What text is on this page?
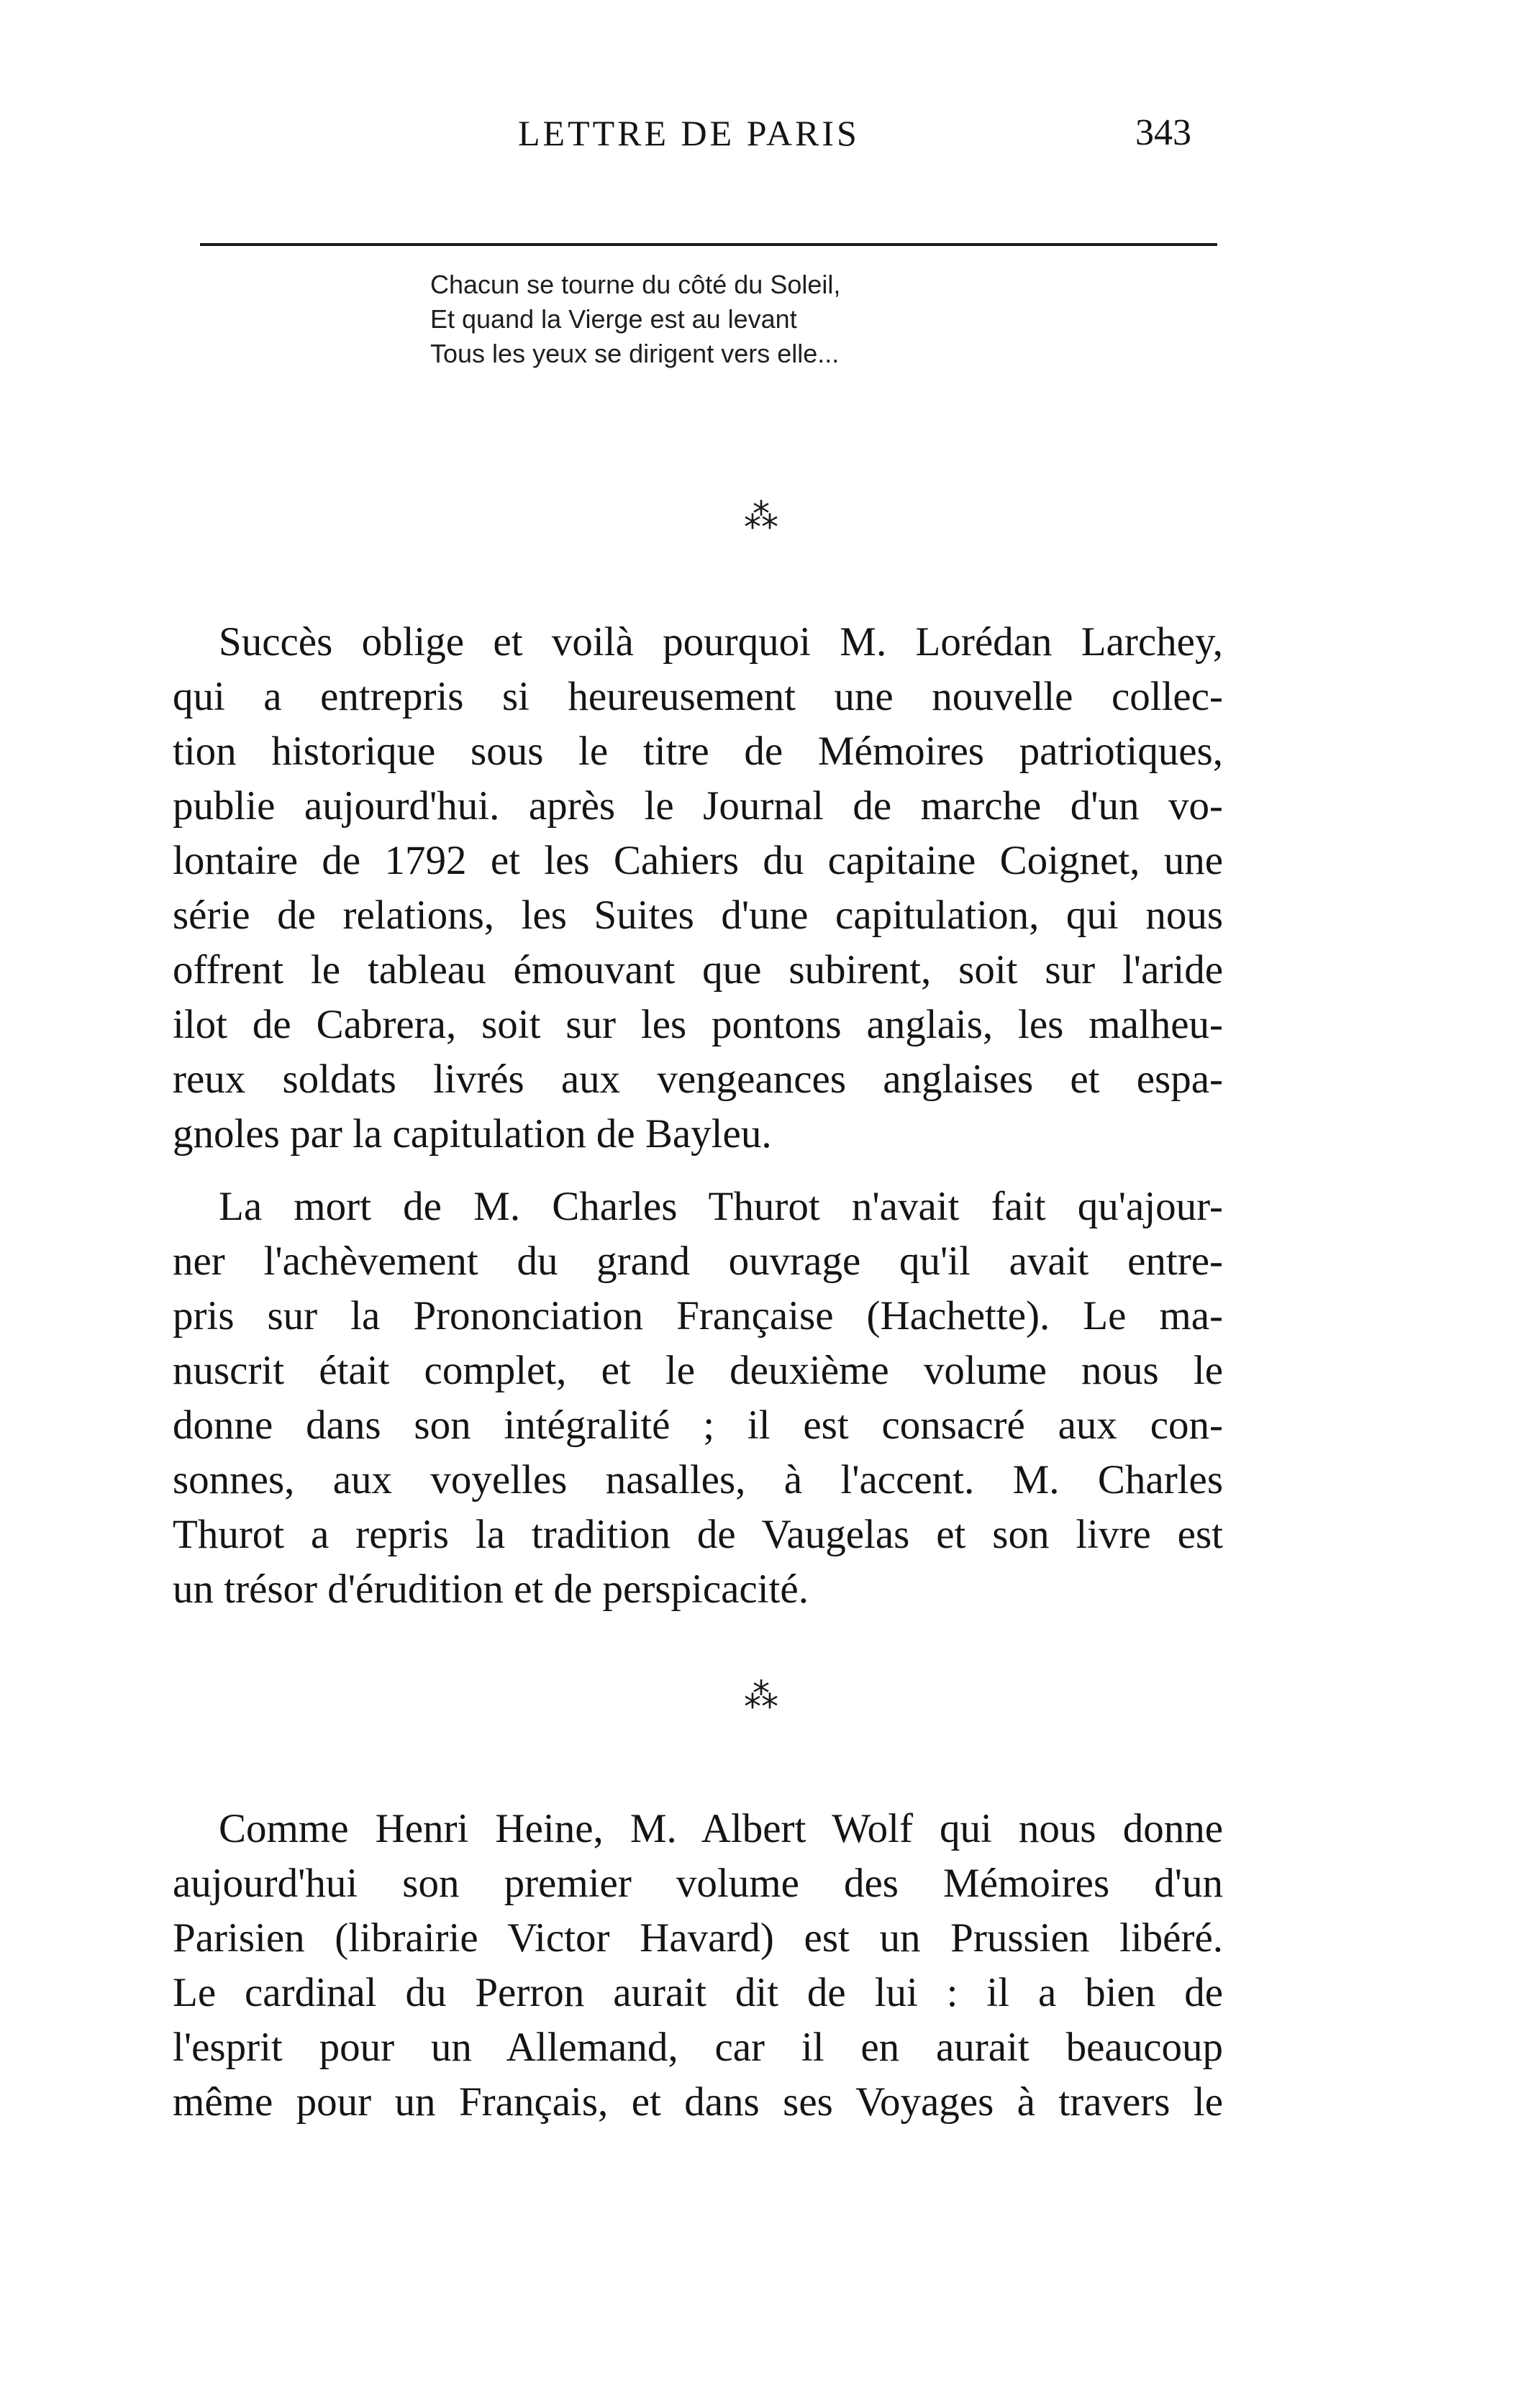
LETTRE DE PARIS	343
Chacun se tourne du côté du Soleil,
Et quand la Vierge est au levant
Tous les yeux se dirigent vers elle...
⁂
Succès oblige et voilà pourquoi M. Lorédan Larchey,
qui a entrepris si heureusement une nouvelle collec-
tion historique sous le titre de Mémoires patriotiques,
publie aujourd'hui. après le Journal de marche d'un vo-
lontaire de 1792 et les Cahiers du capitaine Coignet, une
série de relations, les Suites d'une capitulation, qui nous
offrent le tableau émouvant que subirent, soit sur l'aride
ilot de Cabrera, soit sur les pontons anglais, les malheu-
reux soldats livrés aux vengeances anglaises et espa-
gnoles par la capitulation de Bayleu.
La mort de M. Charles Thurot n'avait fait qu'ajour-
ner l'achèvement du grand ouvrage qu'il avait entre-
pris sur la Prononciation Française (Hachette). Le ma-
nuscrit était complet, et le deuxième volume nous le
donne dans son intégralité ; il est consacré aux con-
sonnes, aux voyelles nasalles, à l'accent. M. Charles
Thurot a repris la tradition de Vaugelas et son livre est
un trésor d'érudition et de perspicacité.
⁂
Comme Henri Heine, M. Albert Wolf qui nous donne
aujourd'hui son premier volume des Mémoires d'un
Parisien (librairie Victor Havard) est un Prussien libéré.
Le cardinal du Perron aurait dit de lui : il a bien de
l'esprit pour un Allemand, car il en aurait beaucoup
même pour un Français, et dans ses Voyages à travers le
